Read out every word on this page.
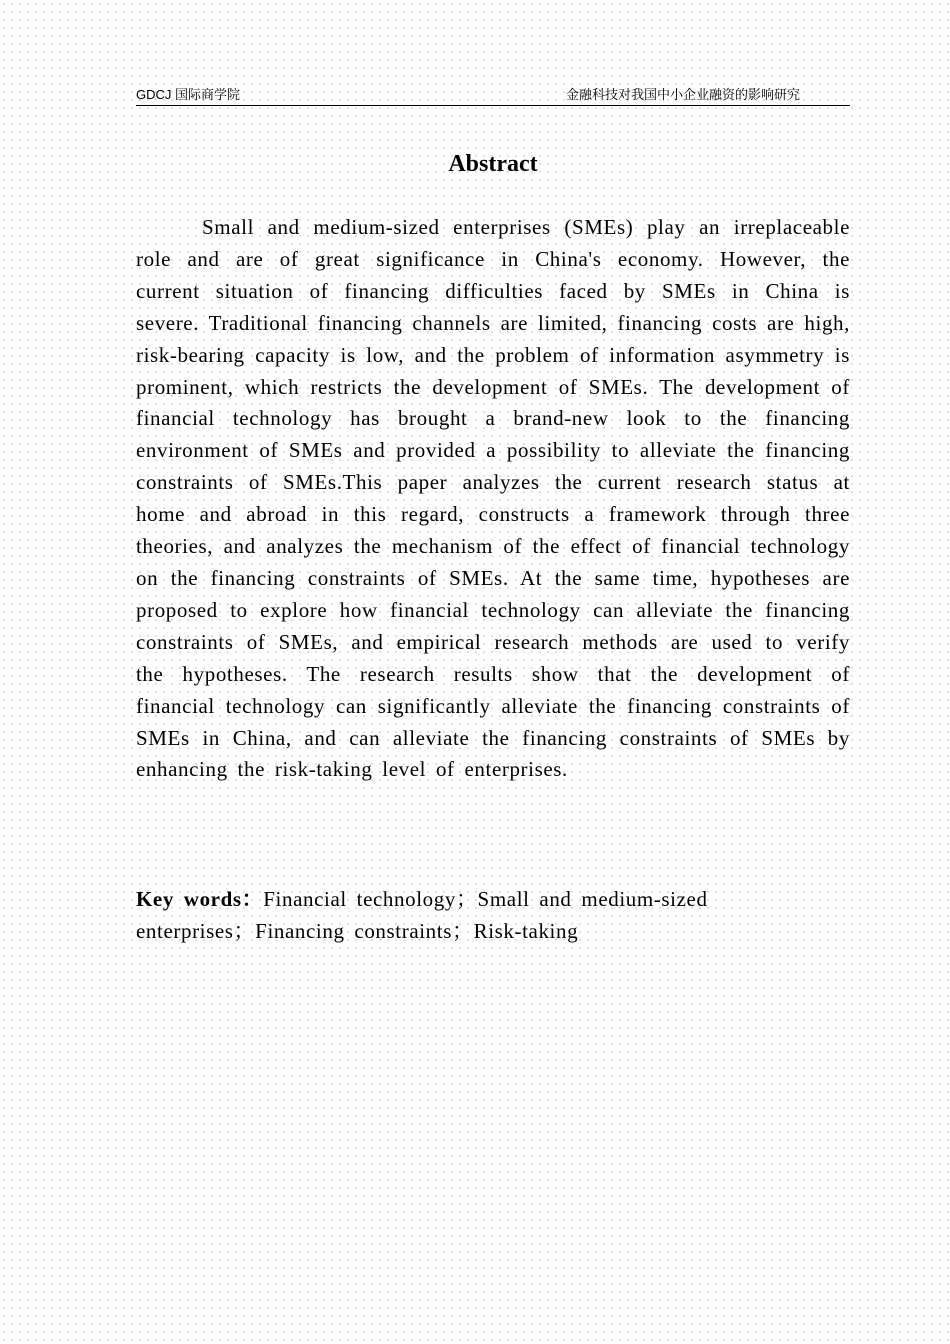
GDCJ 国际商学院	金融科技对我国中小企业融资的影响研究
Abstract

Small and medium-sized enterprises (SMEs) play an irreplaceable role and are of great significance in China's economy. However, the current situation of financing difficulties faced by SMEs in China is severe. Traditional financing channels are limited, financing costs are high, risk-bearing capacity is low, and the problem of information asymmetry is prominent, which restricts the development of SMEs. The development of financial technology has brought a brand-new look to the financing environment of SMEs and provided a possibility to alleviate the financing constraints of SMEs.This paper analyzes the current research status at home and abroad in this regard, constructs a framework through three theories, and analyzes the mechanism of the effect of financial technology on the financing constraints of SMEs. At the same time, hypotheses are proposed to explore how financial technology can alleviate the financing constraints of SMEs, and empirical research methods are used to verify the hypotheses. The research results show that the development of financial technology can significantly alleviate the financing constraints of SMEs in China, and can alleviate the financing constraints of SMEs by enhancing the risk-taking level of enterprises.

Key words：Financial technology；Small and medium-sized enterprises；Financing constraints；Risk-taking
